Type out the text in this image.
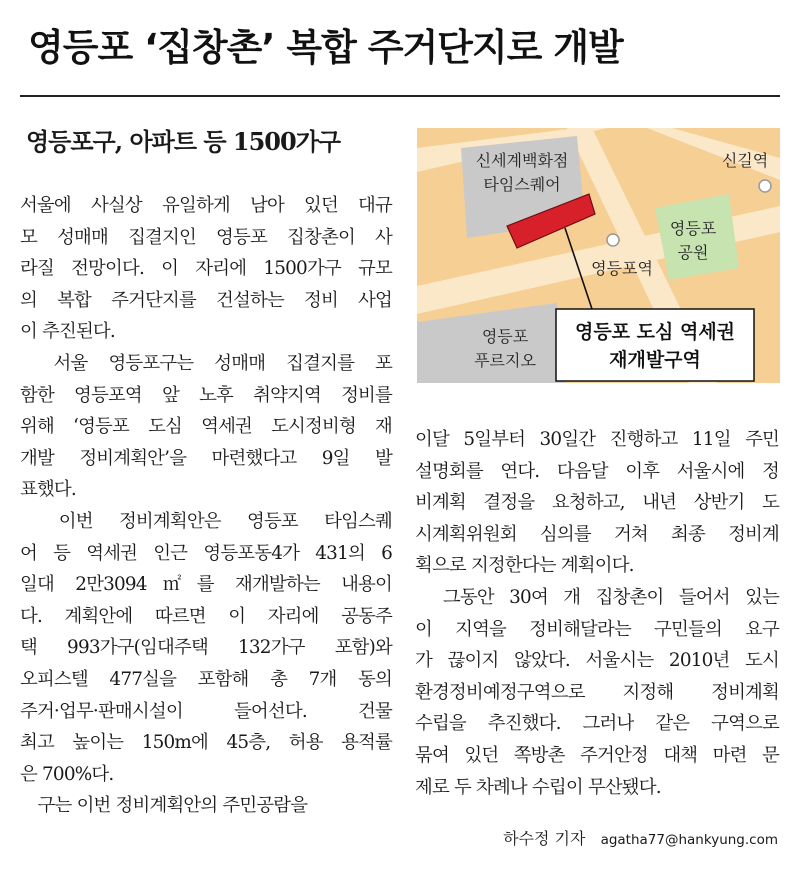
영등포 ‘집창촌’ 복합 주거단지로 개발
영등포구, 아파트 등 1500가구
서울에 사실상 유일하게 남아 있던 대규
모 성매매 집결지인 영등포 집창촌이 사
라질 전망이다. 이 자리에 1500가구 규모
의 복합 주거단지를 건설하는 정비 사업
이 추진된다.
　서울 영등포구는 성매매 집결지를 포
함한 영등포역 앞 노후 취약지역 정비를
위해 ‘영등포 도심 역세권 도시정비형 재
개발 정비계획안’을 마련했다고 9일 발
표했다.
　이번 정비계획안은 영등포 타임스퀘
어 등 역세권 인근 영등포동4가 431의 6
일대 2만3094㎡를 재개발하는 내용이
다. 계획안에 따르면 이 자리에 공동주
택 993가구(임대주택 132가구 포함)와
오피스텔 477실을 포함해 총 7개 동의
주거·업무·판매시설이 들어선다. 건물
최고 높이는 150m에 45층, 허용 용적률
은 700%다.
　구는 이번 정비계획안의 주민공람을
이달 5일부터 30일간 진행하고 11일 주민
설명회를 연다. 다음달 이후 서울시에 정
비계획 결정을 요청하고, 내년 상반기 도
시계획위원회 심의를 거쳐 최종 정비계
획으로 지정한다는 계획이다.
　그동안 30여 개 집창촌이 들어서 있는
이 지역을 정비해달라는 구민들의 요구
가 끊이지 않았다. 서울시는 2010년 도시
환경정비예정구역으로 지정해 정비계획
수립을 추진했다. 그러나 같은 구역으로
묶여 있던 쪽방촌 주거안정 대책 마련 문
제로 두 차례나 수립이 무산됐다.
신세계백화점
타임스퀘어
신길역
영등포
공원
영등포역
영등포
푸르지오
영등포 도심 역세권
재개발구역
하수정 기자 agatha77@hankyung.com
